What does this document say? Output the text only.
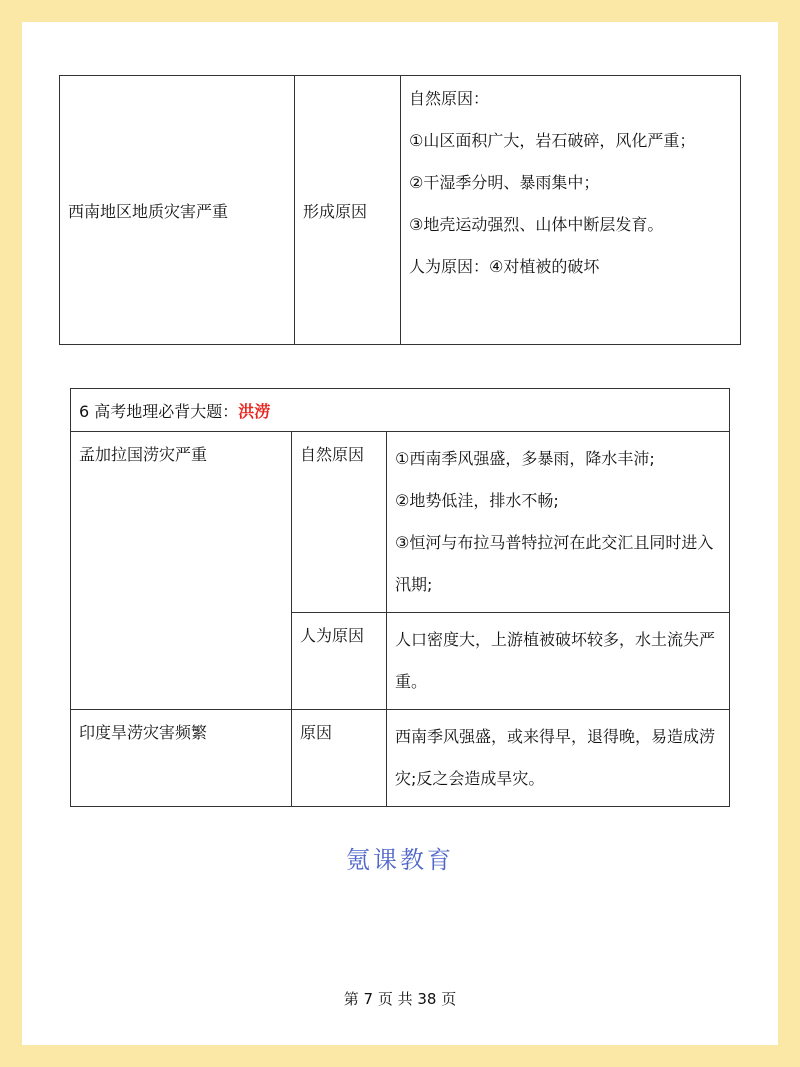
西南地区地质灾害严重	形成原因	
自然原因：
①山区面积广大，岩石破碎，风化严重；
②干湿季分明、暴雨集中；
③地壳运动强烈、山体中断层发育。
人为原因：④对植被的破坏
6 高考地理必背大题：洪涝		
孟加拉国涝灾严重	自然原因	①西南季风强盛，多暴雨，降水丰沛;
②地势低洼，排水不畅;
③恒河与布拉马普特拉河在此交汇且同时进入汛期;

	人为原因	人口密度大，上游植被破坏较多，水土流失严重。

印度旱涝灾害频繁	原因	西南季风强盛，或来得早，退得晚，易造成涝灾;反之会造成旱灾。
氪课教育
第 7 页 共 38 页
